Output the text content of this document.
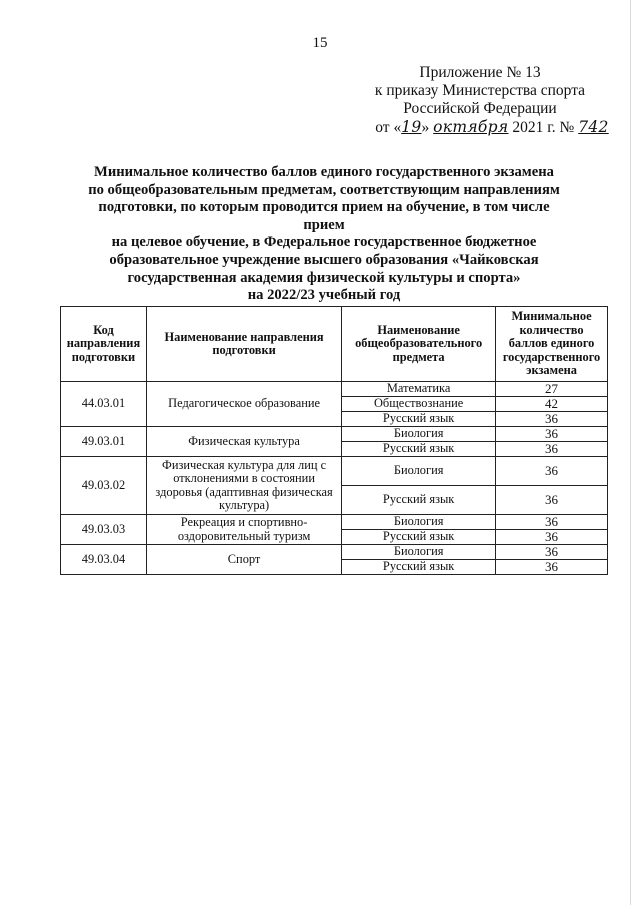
15
Приложение № 13
к приказу Министерства спорта
Российской Федерации
от «19» октября 2021 г. № 742
Минимальное количество баллов единого государственного экзамена
по общеобразовательным предметам, соответствующим направлениям
подготовки, по которым проводится прием на обучение, в том числе прием
на целевое обучение, в Федеральное государственное бюджетное
образовательное учреждение высшего образования «Чайковская
государственная академия физической культуры и спорта»
на 2022/23 учебный год
Код направления подготовки	Наименование направления подготовки	Наименование общеобразовательного предмета	Минимальное количество баллов единого государственного экзамена
44.03.01	Педагогическое образование	Математика	27
		Обществознание	42
		Русский язык	36
49.03.01	Физическая культура	Биология	36
		Русский язык	36
49.03.02	Физическая культура для лиц с отклонениями в состоянии здоровья (адаптивная физическая культура)	Биология	36
		Русский язык	36
49.03.03	Рекреация и спортивно-оздоровительный туризм	Биология	36
		Русский язык	36
49.03.04	Спорт	Биология	36
		Русский язык	36
